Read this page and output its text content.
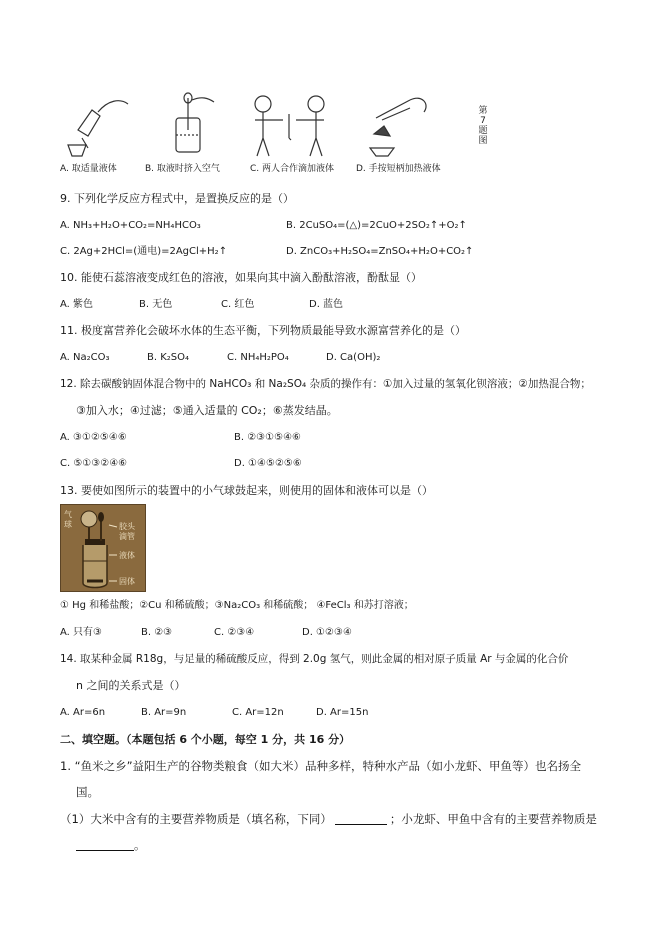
A. 取适量液体	B. 取液时挤入空气	C. 两人合作滴加液体 D. 手按短柄加热液体
第7题图
9. 下列化学反应方程式中，是置换反应的是（）
A. NH₃+H₂O+CO₂=NH₄HCO₃	B. 2CuSO₄=(△)=2CuO+2SO₂↑+O₂↑
C. 2Ag+2HCl=(通电)=2AgCl+H₂↑	D. ZnCO₃+H₂SO₄=ZnSO₄+H₂O+CO₂↑
10. 能使石蕊溶液变成红色的溶液，如果向其中滴入酚酞溶液，酚酞显（）
A. 紫色	B. 无色	C. 红色	D. 蓝色
11. 极度富营养化会破坏水体的生态平衡，下列物质最能导致水源富营养化的是（）
A. Na₂CO₃	B. K₂SO₄	C. NH₄H₂PO₄	D. Ca(OH)₂
12. 除去碳酸钠固体混合物中的 NaHCO₃ 和 Na₂SO₄ 杂质的操作有：①加入过量的氢氧化钡溶液；②加热混合物；
③加入水；④过滤；⑤通入适量的 CO₂；⑥蒸发结晶。
A. ③①②⑤④⑥	B. ②③①⑤④⑥
C. ⑤①③②④⑥	D. ①④⑤②⑤⑥
13. 要使如图所示的装置中的小气球鼓起来，则使用的固体和液体可以是（）
气
球	胶头
滴管
液体
固体
① Hg 和稀盐酸；②Cu 和稀硫酸；③Na₂CO₃ 和稀硫酸； ④FeCl₃ 和苏打溶液；
A. 只有③	B. ②③	C. ②③④	D. ①②③④
14. 取某种金属 R18g，与足量的稀硫酸反应，得到 2.0g 氢气，则此金属的相对原子质量 Ar 与金属的化合价
n 之间的关系式是（）
A. Ar=6n	B. Ar=9n	C. Ar=12n	D. Ar=15n
二、填空题。（本题包括 6 个小题，每空 1 分，共 16 分）
1. “鱼米之乡”益阳生产的谷物类粮食（如大米）品种多样，特种水产品（如小龙虾、甲鱼等）也名扬全
国。
（1）大米中含有的主要营养物质是（填名称，下同）	；小龙虾、甲鱼中含有的主要营养物质是
。
